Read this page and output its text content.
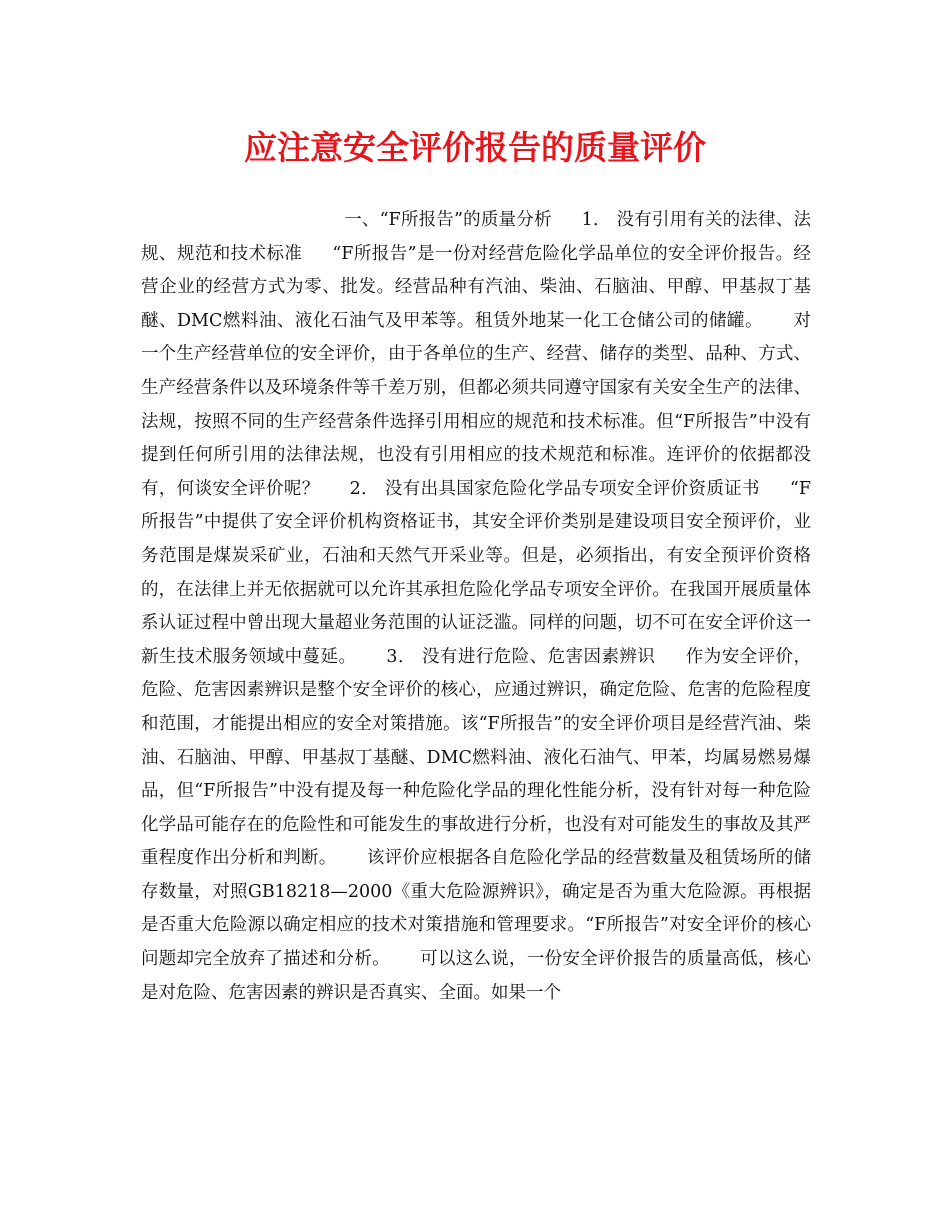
应注意安全评价报告的质量评价

一、“F所报告”的质量分析 1． 没有引用有关的法律、法规、规范和技术标准 “F所报告”是一份对经营危险化学品单位的安全评价报告。经营企业的经营方式为零、批发。经营品种有汽油、柴油、石脑油、甲醇、甲基叔丁基醚、DMC燃料油、液化石油气及甲苯等。租赁外地某一化工仓储公司的储罐。 对一个生产经营单位的安全评价，由于各单位的生产、经营、储存的类型、品种、方式、生产经营条件以及环境条件等千差万别，但都必须共同遵守国家有关安全生产的法律、法规，按照不同的生产经营条件选择引用相应的规范和技术标准。但“F所报告”中没有提到任何所引用的法律法规，也没有引用相应的技术规范和标准。连评价的依据都没有，何谈安全评价呢？ 2． 没有出具国家危险化学品专项安全评价资质证书 “F所报告”中提供了安全评价机构资格证书，其安全评价类别是建设项目安全预评价，业务范围是煤炭采矿业，石油和天然气开采业等。但是，必须指出，有安全预评价资格的，在法律上并无依据就可以允许其承担危险化学品专项安全评价。在我国开展质量体系认证过程中曾出现大量超业务范围的认证泛滥。同样的问题，切不可在安全评价这一新生技术服务领域中蔓延。 3． 没有进行危险、危害因素辨识 作为安全评价，危险、危害因素辨识是整个安全评价的核心，应通过辨识，确定危险、危害的危险程度和范围，才能提出相应的安全对策措施。该“F所报告”的安全评价项目是经营汽油、柴油、石脑油、甲醇、甲基叔丁基醚、DMC燃料油、液化石油气、甲苯，均属易燃易爆品，但“F所报告”中没有提及每一种危险化学品的理化性能分析，没有针对每一种危险化学品可能存在的危险性和可能发生的事故进行分析，也没有对可能发生的事故及其严重程度作出分析和判断。 该评价应根据各自危险化学品的经营数量及租赁场所的储存数量，对照GB18218—2000《重大危险源辨识》，确定是否为重大危险源。再根据是否重大危险源以确定相应的技术对策措施和管理要求。“F所报告”对安全评价的核心问题却完全放弃了描述和分析。 可以这么说，一份安全评价报告的质量高低，核心是对危险、危害因素的辨识是否真实、全面。如果一个
